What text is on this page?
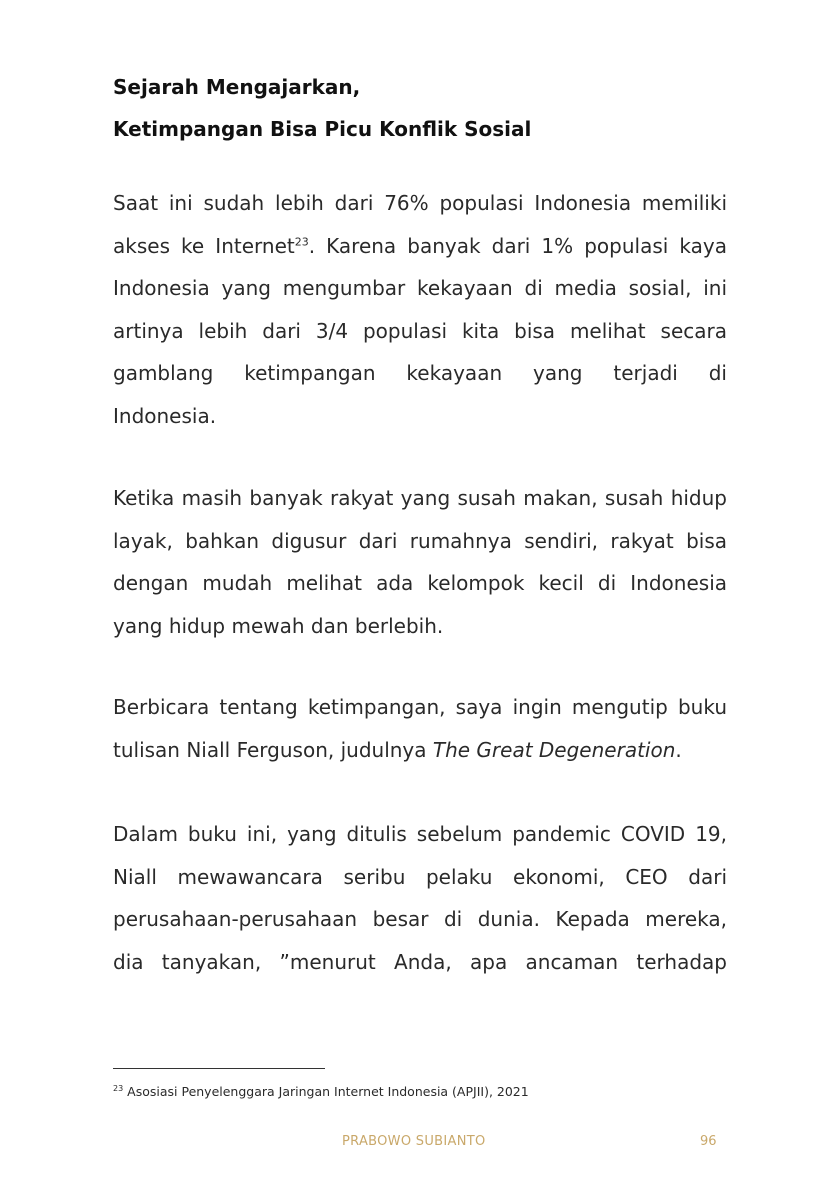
Sejarah Mengajarkan,
Ketimpangan Bisa Picu Konflik Sosial
Saat ini sudah lebih dari 76% populasi Indonesia memiliki
akses ke Internet$^{23}$. Karena banyak dari 1% populasi kaya
Indonesia yang mengumbar kekayaan di media sosial, ini
artinya lebih dari 3/4 populasi kita bisa melihat secara
gamblang ketimpangan kekayaan yang terjadi di
Indonesia.
Ketika masih banyak rakyat yang susah makan, susah hidup
layak, bahkan digusur dari rumahnya sendiri, rakyat bisa
dengan mudah melihat ada kelompok kecil di Indonesia
yang hidup mewah dan berlebih.
Berbicara tentang ketimpangan, saya ingin mengutip buku
tulisan Niall Ferguson, judulnya The Great Degeneration.
Dalam buku ini, yang ditulis sebelum pandemic COVID 19,
Niall mewawancara seribu pelaku ekonomi, CEO dari
perusahaan-perusahaan besar di dunia. Kepada mereka,
dia tanyakan, ”menurut Anda, apa ancaman terhadap
$^{23}$ Asosiasi Penyelenggara Jaringan Internet Indonesia (APJII), 2021
PRABOWO SUBIANTO	96
